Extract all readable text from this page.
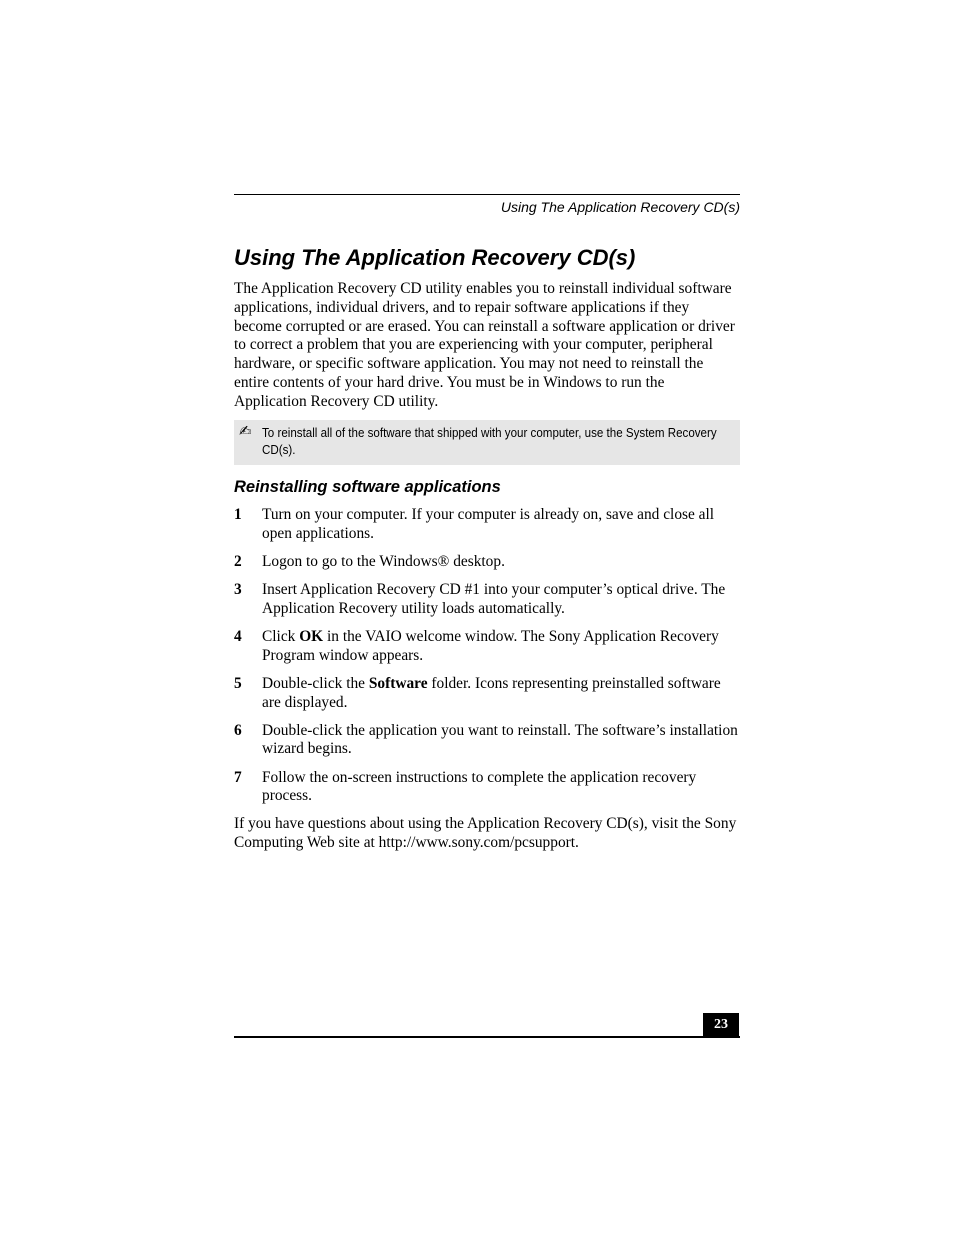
Using The Application Recovery CD(s)
Using The Application Recovery CD(s)

The Application Recovery CD utility enables you to reinstall individual software applications, individual drivers, and to repair software applications if they become corrupted or are erased. You can reinstall a software application or driver to correct a problem that you are experiencing with your computer, peripheral hardware, or specific software application. You may not need to reinstall the entire contents of your hard drive. You must be in Windows to run the Application Recovery CD utility.

✍ To reinstall all of the software that shipped with your computer, use the System Recovery CD(s).
Reinstalling software applications
1 Turn on your computer. If your computer is already on, save and close all open applications.
2 Logon to go to the Windows® desktop.
3 Insert Application Recovery CD #1 into your computer’s optical drive. The Application Recovery utility loads automatically.
4 Click OK in the VAIO welcome window. The Sony Application Recovery Program window appears.
5 Double-click the Software folder. Icons representing preinstalled software are displayed.
6 Double-click the application you want to reinstall. The software’s installation wizard begins.
7 Follow the on-screen instructions to complete the application recovery process.

If you have questions about using the Application Recovery CD(s), visit the Sony Computing Web site at http://www.sony.com/pcsupport.

23
